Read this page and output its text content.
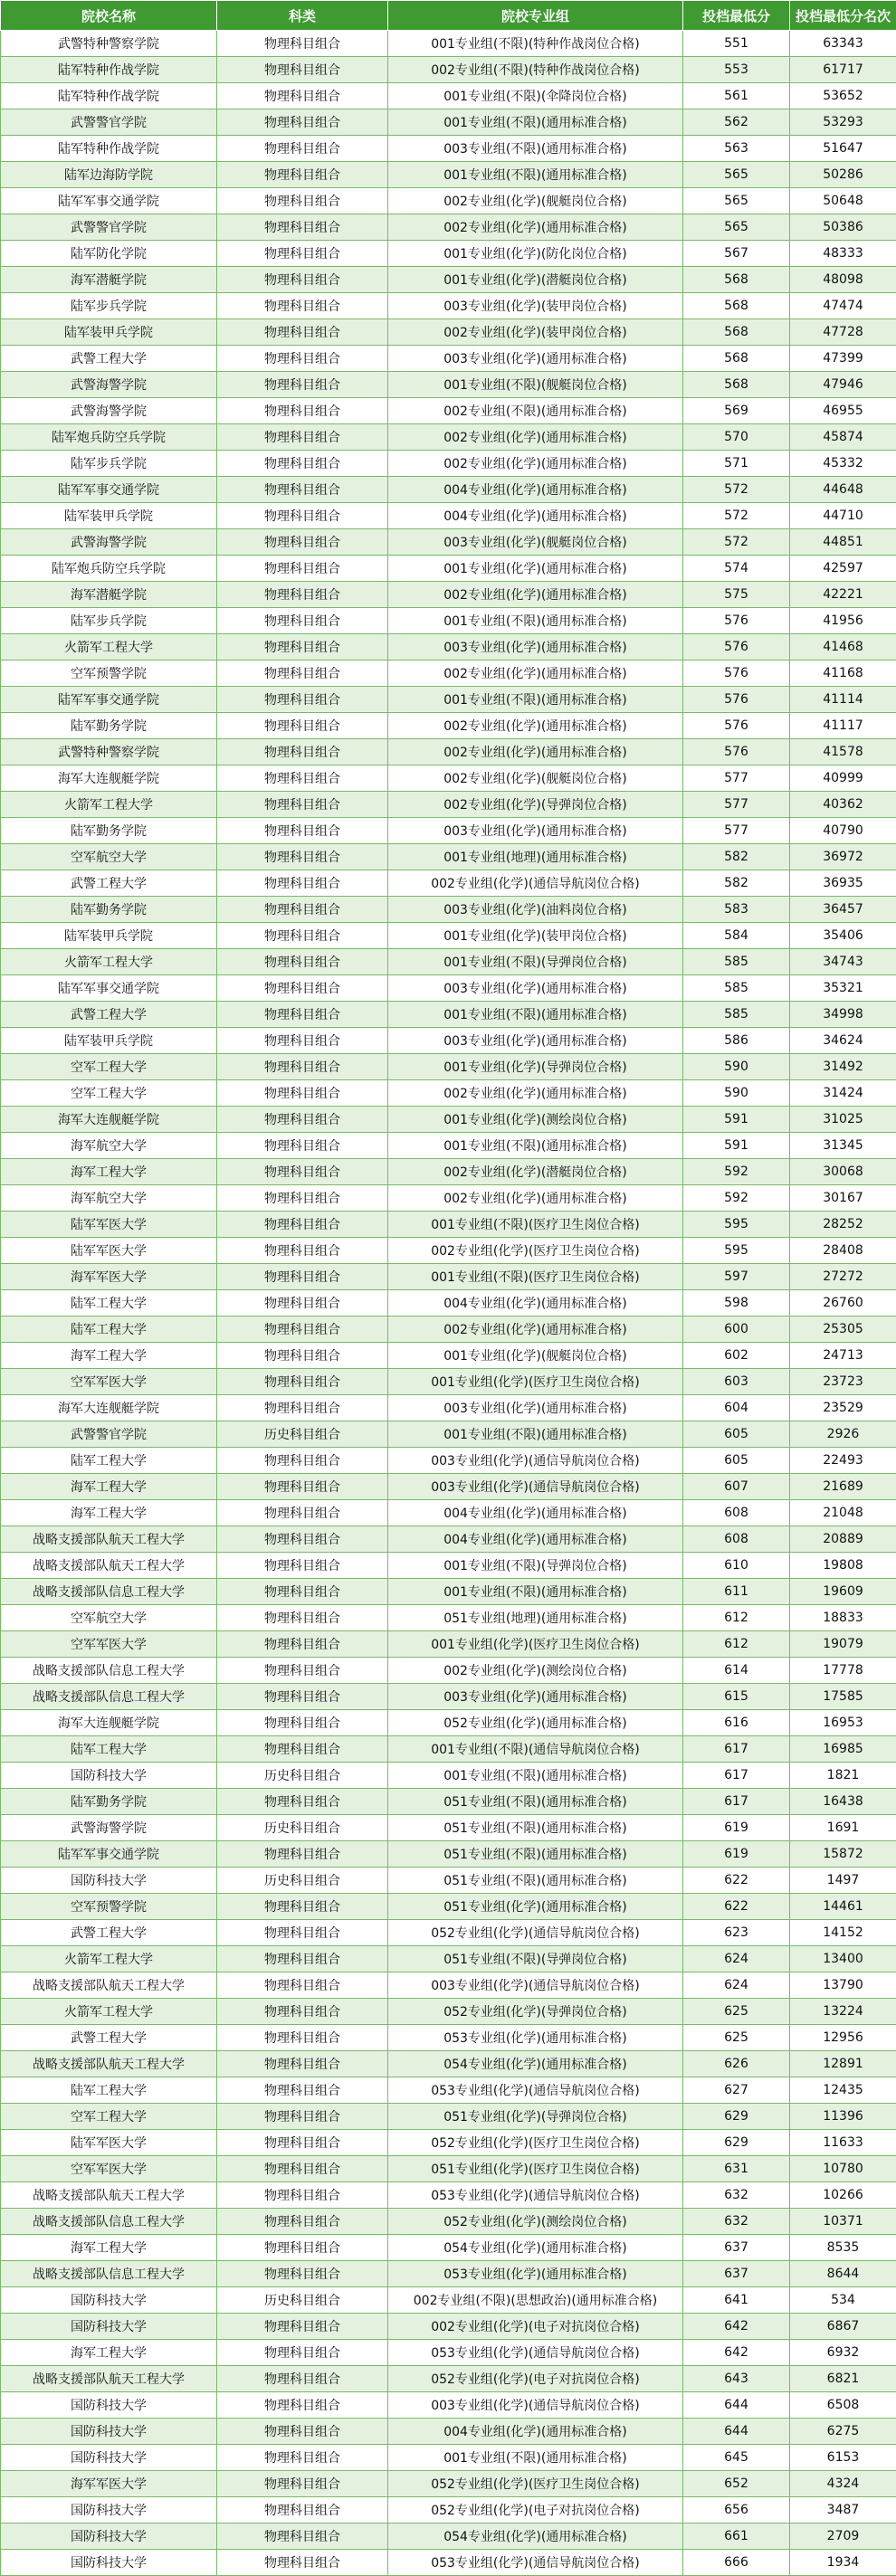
院校名称	科类	院校专业组	投档最低分	投档最低分名次
武警特种警察学院	物理科目组合	001专业组(不限)(特种作战岗位合格)	551	63343
陆军特种作战学院	物理科目组合	002专业组(不限)(特种作战岗位合格)	553	61717
陆军特种作战学院	物理科目组合	001专业组(不限)(伞降岗位合格)	561	53652
武警警官学院	物理科目组合	001专业组(不限)(通用标准合格)	562	53293
陆军特种作战学院	物理科目组合	003专业组(不限)(通用标准合格)	563	51647
陆军边海防学院	物理科目组合	001专业组(不限)(通用标准合格)	565	50286
陆军军事交通学院	物理科目组合	002专业组(化学)(舰艇岗位合格)	565	50648
武警警官学院	物理科目组合	002专业组(化学)(通用标准合格)	565	50386
陆军防化学院	物理科目组合	001专业组(化学)(防化岗位合格)	567	48333
海军潜艇学院	物理科目组合	001专业组(化学)(潜艇岗位合格)	568	48098
陆军步兵学院	物理科目组合	003专业组(化学)(装甲岗位合格)	568	47474
陆军装甲兵学院	物理科目组合	002专业组(化学)(装甲岗位合格)	568	47728
武警工程大学	物理科目组合	003专业组(化学)(通用标准合格)	568	47399
武警海警学院	物理科目组合	001专业组(不限)(舰艇岗位合格)	568	47946
武警海警学院	物理科目组合	002专业组(不限)(通用标准合格)	569	46955
陆军炮兵防空兵学院	物理科目组合	002专业组(化学)(通用标准合格)	570	45874
陆军步兵学院	物理科目组合	002专业组(化学)(通用标准合格)	571	45332
陆军军事交通学院	物理科目组合	004专业组(化学)(通用标准合格)	572	44648
陆军装甲兵学院	物理科目组合	004专业组(化学)(通用标准合格)	572	44710
武警海警学院	物理科目组合	003专业组(化学)(舰艇岗位合格)	572	44851
陆军炮兵防空兵学院	物理科目组合	001专业组(化学)(通用标准合格)	574	42597
海军潜艇学院	物理科目组合	002专业组(化学)(通用标准合格)	575	42221
陆军步兵学院	物理科目组合	001专业组(不限)(通用标准合格)	576	41956
火箭军工程大学	物理科目组合	003专业组(化学)(通用标准合格)	576	41468
空军预警学院	物理科目组合	002专业组(化学)(通用标准合格)	576	41168
陆军军事交通学院	物理科目组合	001专业组(不限)(通用标准合格)	576	41114
陆军勤务学院	物理科目组合	002专业组(化学)(通用标准合格)	576	41117
武警特种警察学院	物理科目组合	002专业组(化学)(通用标准合格)	576	41578
海军大连舰艇学院	物理科目组合	002专业组(化学)(舰艇岗位合格)	577	40999
火箭军工程大学	物理科目组合	002专业组(化学)(导弹岗位合格)	577	40362
陆军勤务学院	物理科目组合	003专业组(化学)(通用标准合格)	577	40790
空军航空大学	物理科目组合	001专业组(地理)(通用标准合格)	582	36972
武警工程大学	物理科目组合	002专业组(化学)(通信导航岗位合格)	582	36935
陆军勤务学院	物理科目组合	003专业组(化学)(油料岗位合格)	583	36457
陆军装甲兵学院	物理科目组合	001专业组(化学)(装甲岗位合格)	584	35406
火箭军工程大学	物理科目组合	001专业组(不限)(导弹岗位合格)	585	34743
陆军军事交通学院	物理科目组合	003专业组(化学)(通用标准合格)	585	35321
武警工程大学	物理科目组合	001专业组(不限)(通用标准合格)	585	34998
陆军装甲兵学院	物理科目组合	003专业组(化学)(通用标准合格)	586	34624
空军工程大学	物理科目组合	001专业组(化学)(导弹岗位合格)	590	31492
空军工程大学	物理科目组合	002专业组(化学)(通用标准合格)	590	31424
海军大连舰艇学院	物理科目组合	001专业组(化学)(测绘岗位合格)	591	31025
海军航空大学	物理科目组合	001专业组(不限)(通用标准合格)	591	31345
海军工程大学	物理科目组合	002专业组(化学)(潜艇岗位合格)	592	30068
海军航空大学	物理科目组合	002专业组(化学)(通用标准合格)	592	30167
陆军军医大学	物理科目组合	001专业组(不限)(医疗卫生岗位合格)	595	28252
陆军军医大学	物理科目组合	002专业组(化学)(医疗卫生岗位合格)	595	28408
海军军医大学	物理科目组合	001专业组(不限)(医疗卫生岗位合格)	597	27272
陆军工程大学	物理科目组合	004专业组(化学)(通用标准合格)	598	26760
陆军工程大学	物理科目组合	002专业组(化学)(通用标准合格)	600	25305
海军工程大学	物理科目组合	001专业组(化学)(舰艇岗位合格)	602	24713
空军军医大学	物理科目组合	001专业组(化学)(医疗卫生岗位合格)	603	23723
海军大连舰艇学院	物理科目组合	003专业组(化学)(通用标准合格)	604	23529
武警警官学院	历史科目组合	001专业组(不限)(通用标准合格)	605	2926
陆军工程大学	物理科目组合	003专业组(化学)(通信导航岗位合格)	605	22493
海军工程大学	物理科目组合	003专业组(化学)(通信导航岗位合格)	607	21689
海军工程大学	物理科目组合	004专业组(化学)(通用标准合格)	608	21048
战略支援部队航天工程大学	物理科目组合	004专业组(化学)(通用标准合格)	608	20889
战略支援部队航天工程大学	物理科目组合	001专业组(不限)(导弹岗位合格)	610	19808
战略支援部队信息工程大学	物理科目组合	001专业组(不限)(通用标准合格)	611	19609
空军航空大学	物理科目组合	051专业组(地理)(通用标准合格)	612	18833
空军军医大学	物理科目组合	001专业组(化学)(医疗卫生岗位合格)	612	19079
战略支援部队信息工程大学	物理科目组合	002专业组(化学)(测绘岗位合格)	614	17778
战略支援部队信息工程大学	物理科目组合	003专业组(化学)(通用标准合格)	615	17585
海军大连舰艇学院	物理科目组合	052专业组(化学)(通用标准合格)	616	16953
陆军工程大学	物理科目组合	001专业组(不限)(通信导航岗位合格)	617	16985
国防科技大学	历史科目组合	001专业组(不限)(通用标准合格)	617	1821
陆军勤务学院	物理科目组合	051专业组(不限)(通用标准合格)	617	16438
武警海警学院	历史科目组合	051专业组(不限)(通用标准合格)	619	1691
陆军军事交通学院	物理科目组合	051专业组(不限)(通用标准合格)	619	15872
国防科技大学	历史科目组合	051专业组(不限)(通用标准合格)	622	1497
空军预警学院	物理科目组合	051专业组(化学)(通用标准合格)	622	14461
武警工程大学	物理科目组合	052专业组(化学)(通信导航岗位合格)	623	14152
火箭军工程大学	物理科目组合	051专业组(不限)(导弹岗位合格)	624	13400
战略支援部队航天工程大学	物理科目组合	003专业组(化学)(通信导航岗位合格)	624	13790
火箭军工程大学	物理科目组合	052专业组(化学)(导弹岗位合格)	625	13224
武警工程大学	物理科目组合	053专业组(化学)(通用标准合格)	625	12956
战略支援部队航天工程大学	物理科目组合	054专业组(化学)(通用标准合格)	626	12891
陆军工程大学	物理科目组合	053专业组(化学)(通信导航岗位合格)	627	12435
空军工程大学	物理科目组合	051专业组(化学)(导弹岗位合格)	629	11396
陆军军医大学	物理科目组合	052专业组(化学)(医疗卫生岗位合格)	629	11633
空军军医大学	物理科目组合	051专业组(化学)(医疗卫生岗位合格)	631	10780
战略支援部队航天工程大学	物理科目组合	053专业组(化学)(通信导航岗位合格)	632	10266
战略支援部队信息工程大学	物理科目组合	052专业组(化学)(测绘岗位合格)	632	10371
海军工程大学	物理科目组合	054专业组(化学)(通用标准合格)	637	8535
战略支援部队信息工程大学	物理科目组合	053专业组(化学)(通用标准合格)	637	8644
国防科技大学	历史科目组合	002专业组(不限)(思想政治)(通用标准合格)	641	534
国防科技大学	物理科目组合	002专业组(化学)(电子对抗岗位合格)	642	6867
海军工程大学	物理科目组合	053专业组(化学)(通信导航岗位合格)	642	6932
战略支援部队航天工程大学	物理科目组合	052专业组(化学)(电子对抗岗位合格)	643	6821
国防科技大学	物理科目组合	003专业组(化学)(通信导航岗位合格)	644	6508
国防科技大学	物理科目组合	004专业组(化学)(通用标准合格)	644	6275
国防科技大学	物理科目组合	001专业组(不限)(通用标准合格)	645	6153
海军军医大学	物理科目组合	052专业组(化学)(医疗卫生岗位合格)	652	4324
国防科技大学	物理科目组合	052专业组(化学)(电子对抗岗位合格)	656	3487
国防科技大学	物理科目组合	054专业组(化学)(通用标准合格)	661	2709
国防科技大学	物理科目组合	053专业组(化学)(通信导航岗位合格)	666	1934
